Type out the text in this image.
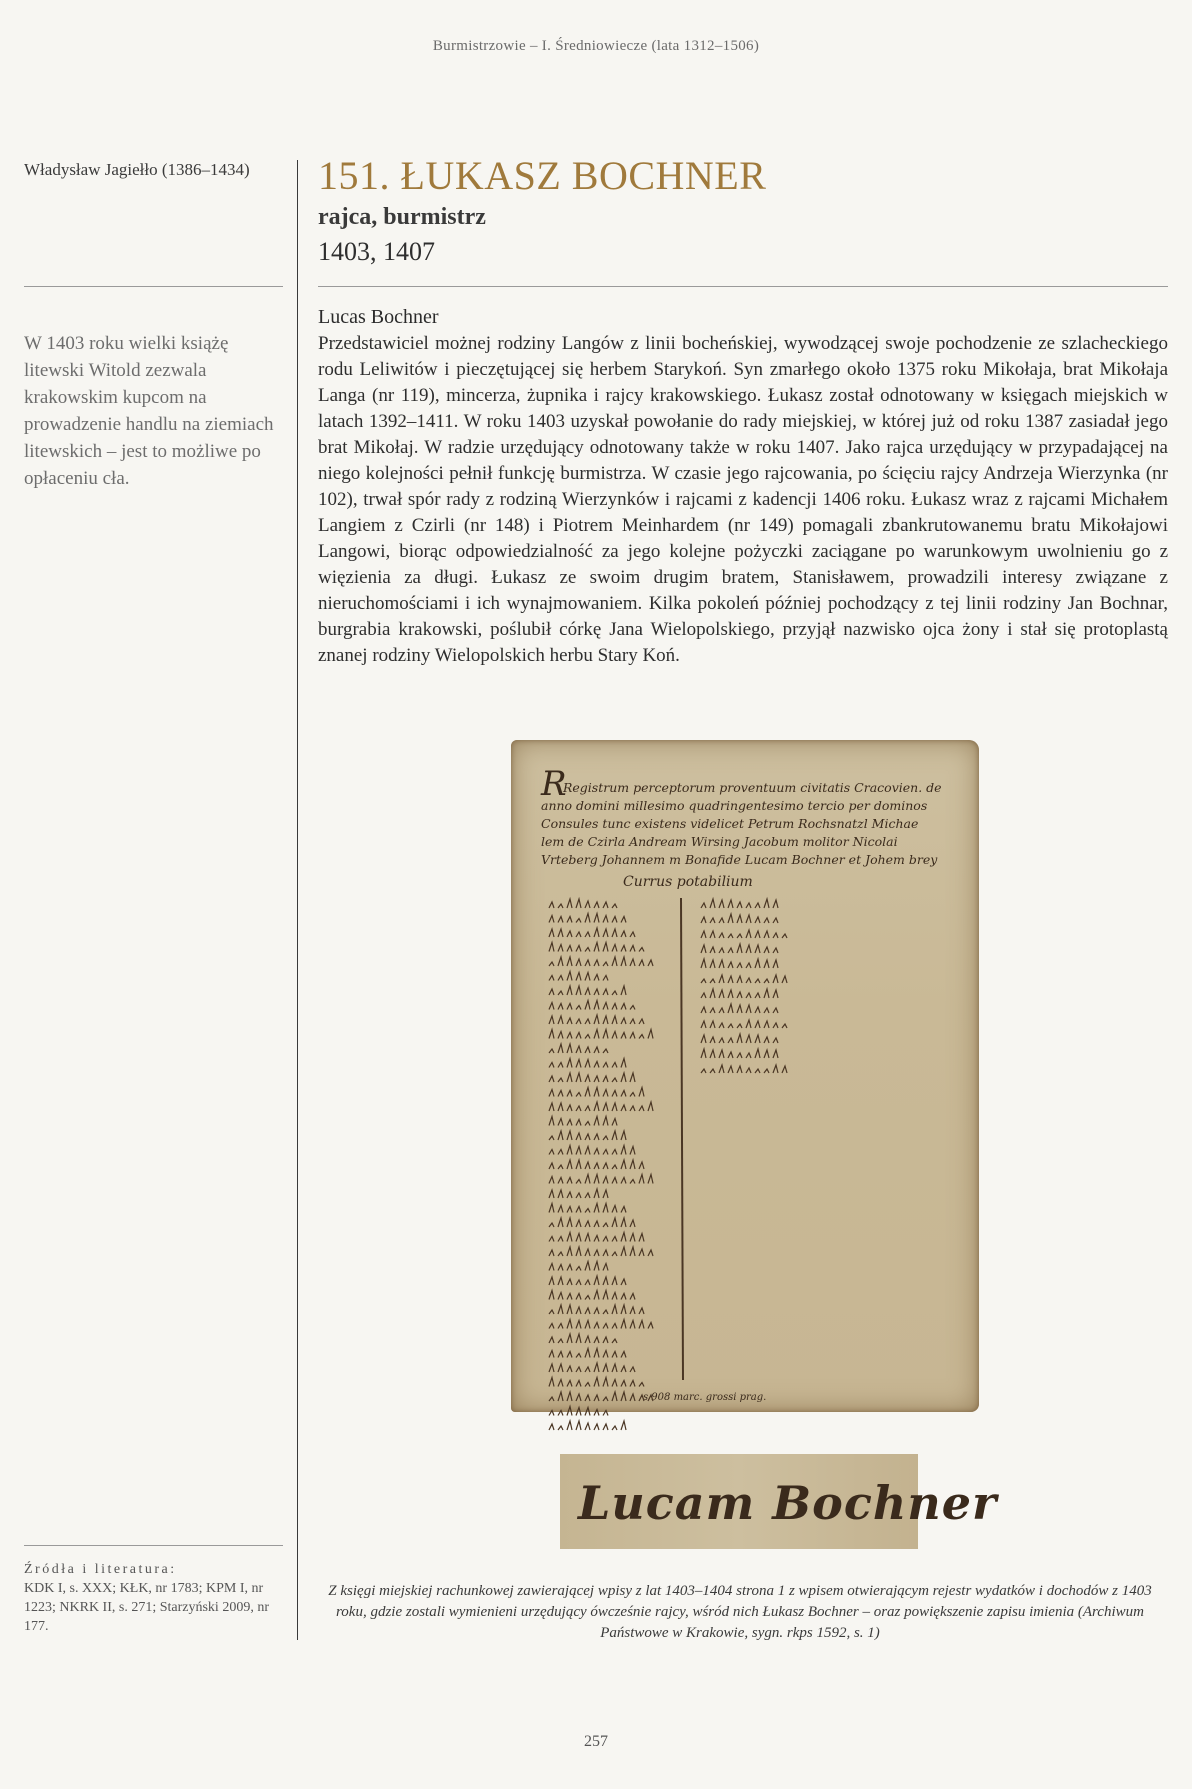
Burmistrzowie – I. Średniowiecze (lata 1312–1506)
Władysław Jagiełło (1386–1434)
W 1403 roku wielki książę litewski Witold zezwala krakowskim kupcom na prowadzenie handlu na ziemiach litewskich – jest to możliwe po opłaceniu cła.
Źródła i literatura:
KDK I, s. XXX; KŁK, nr 1783; KPM I, nr 1223; NKRK II, s. 271; Starzyński 2009, nr 177.
151. ŁUKASZ BOCHNER
rajca, burmistrz
1403, 1407
Lucas Bochner
Przedstawiciel możnej rodziny Langów z linii bocheńskiej, wywodzącej swoje pochodzenie ze szlacheckiego rodu Leliwitów i pieczętującej się herbem Starykoń. Syn zmarłego około 1375 roku Mikołaja, brat Mikołaja Langa (nr 119), mincerza, żupnika i rajcy krakowskiego. Łukasz został odnotowany w księgach miejskich w latach 1392–1411. W roku 1403 uzyskał powołanie do rady miejskiej, w której już od roku 1387 zasiadał jego brat Mikołaj. W radzie urzędujący odnotowany także w roku 1407. Jako rajca urzędujący w przypadającej na niego kolejności pełnił funkcję burmistrza. W czasie jego rajcowania, po ścięciu rajcy Andrzeja Wierzynka (nr 102), trwał spór rady z rodziną Wierzynków i rajcami z kadencji 1406 roku. Łukasz wraz z rajcami Michałem Langiem z Czirli (nr 148) i Piotrem Meinhardem (nr 149) pomagali zbankrutowanemu bratu Mikołajowi Langowi, biorąc odpowiedzialność za jego kolejne pożyczki zaciągane po warunkowym uwolnieniu go z więzienia za długi. Łukasz ze swoim drugim bratem, Stanisławem, prowadzili interesy związane z nieruchomościami i ich wynajmowaniem. Kilka pokoleń później pochodzący z tej linii rodziny Jan Bochnar, burgrabia krakowski, poślubił córkę Jana Wielopolskiego, przyjął nazwisko ojca żony i stał się protoplastą znanej rodziny Wielopolskich herbu Stary Koń.
R
Registrum perceptorum proventuum civitatis Cracovien. de
anno domini millesimo quadringentesimo tercio per dominos
Consules tunc existens videlicet Petrum Rochsnatzl Michae
lem de Czirla Andream Wirsing Jacobum molitor Nicolai
Vrteberg Johannem m Bonafide Lucam Bochner et Johem brey
Currus potabilium
s 908 marc. grossi prag.
Lucam Bochner
Z księgi miejskiej rachunkowej zawierającej wpisy z lat 1403–1404 strona 1 z wpisem otwierającym rejestr wydatków i dochodów z 1403 roku, gdzie zostali wymienieni urzędujący ówcześnie rajcy, wśród nich Łukasz Bochner – oraz powiększenie zapisu imienia (Archiwum Państwowe w Krakowie, sygn. rkps 1592, s. 1)
257
